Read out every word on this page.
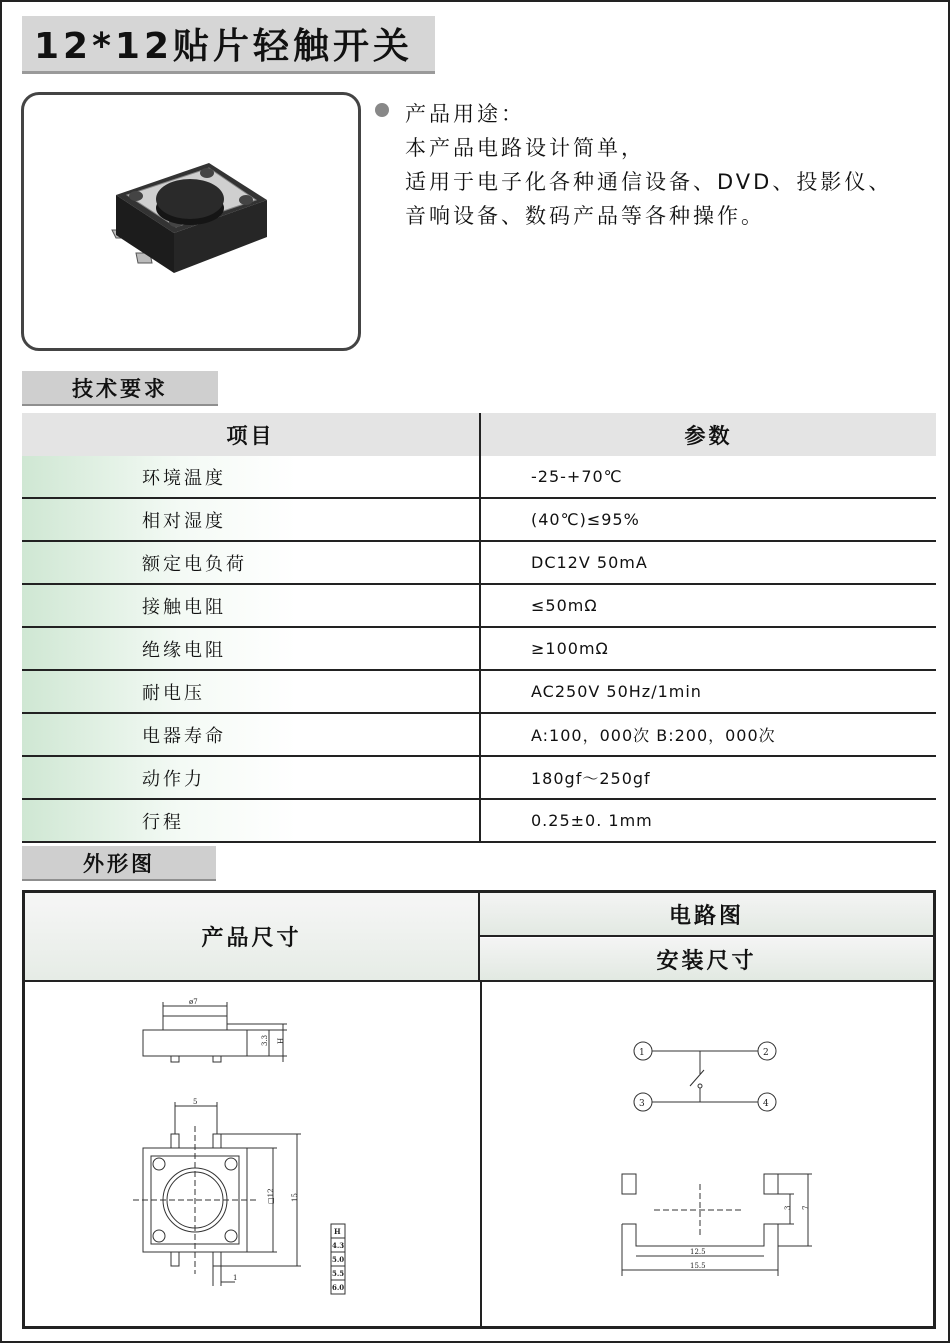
12*12贴片轻触开关
产品用途：
本产品电路设计简单，
适用于电子化各种通信设备、DVD、投影仪、
音响设备、数码产品等各种操作。
技术要求
项目	参数
环境温度	-25-+70℃
相对湿度	(40℃)≤95%
额定电负荷	DC12V 50mA
接触电阻	≤50mΩ
绝缘电阻	≥100mΩ
耐电压	AC250V 50Hz/1min
电器寿命	A:100，000次 B:200，000次
动作力	180gf～250gf
行程	0.25±0. 1mm
外形图
产品尺寸
电路图
安装尺寸
ø7
3.3 H
5
□12 15
1
H
4.3
5.0
5.5
6.0
1	2
3	4
12.5
15.5
3 7
